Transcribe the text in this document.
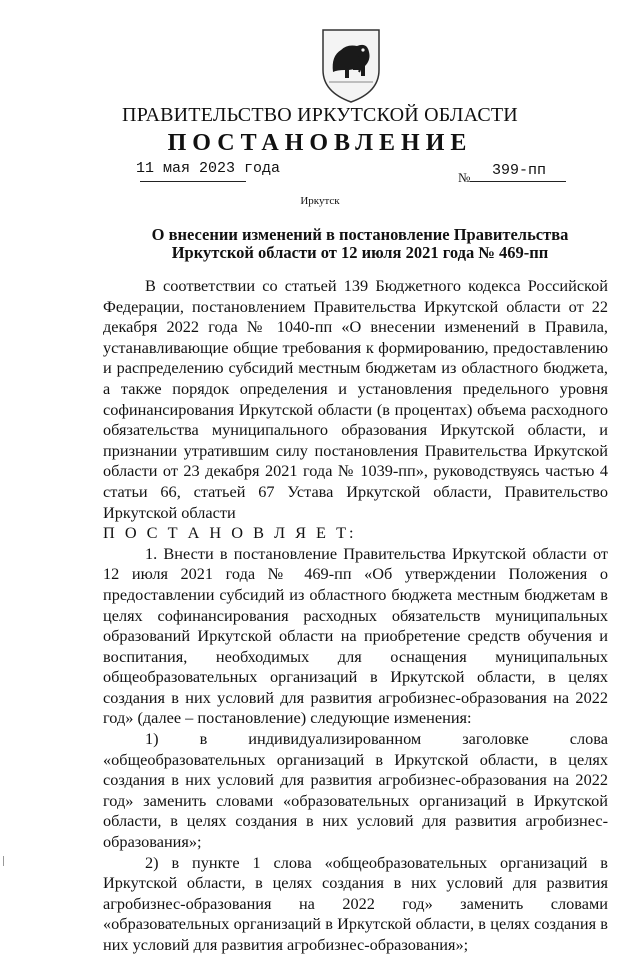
ПРАВИТЕЛЬСТВО ИРКУТСКОЙ ОБЛАСТИ
ПОСТАНОВЛЕНИЕ
11 мая 2023 года
№ 399-пп
Иркутск
О внесении изменений в постановление Правительства
Иркутской области от 12 июля 2021 года № 469-пп

В соответствии со статьей 139 Бюджетного кодекса Российской Федерации, постановлением Правительства Иркутской области от 22 декабря 2022 года № 1040-пп «О внесении изменений в Правила, устанавливающие общие требования к формированию, предоставлению и распределению субсидий местным бюджетам из областного бюджета, а также порядок определения и установления предельного уровня софинансирования Иркутской области (в процентах) объема расходного обязательства муниципального образования Иркутской области, и признании утратившим силу постановления Правительства Иркутской области от 23 декабря 2021 года № 1039-пп», руководствуясь частью 4 статьи 66, статьей 67 Устава Иркутской области, Правительство Иркутской области

П О С Т А Н О В Л Я Е Т:

1. Внести в постановление Правительства Иркутской области от 12 июля 2021 года № 469-пп «Об утверждении Положения о предоставлении субсидий из областного бюджета местным бюджетам в целях софинансирования расходных обязательств муниципальных образований Иркутской области на приобретение средств обучения и воспитания, необходимых для оснащения муниципальных общеобразовательных организаций в Иркутской области, в целях создания в них условий для развития агробизнес-образования на 2022 год» (далее – постановление) следующие изменения:

1) в индивидуализированном заголовке слова «общеобразовательных организаций в Иркутской области, в целях создания в них условий для развития агробизнес-образования на 2022 год» заменить словами «образовательных организаций в Иркутской области, в целях создания в них условий для развития агробизнес-образования»;

2) в пункте 1 слова «общеобразовательных организаций в Иркутской области, в целях создания в них условий для развития агробизнес-образования на 2022 год» заменить словами «образовательных организаций в Иркутской области, в целях создания в них условий для развития агробизнес-образования»;
